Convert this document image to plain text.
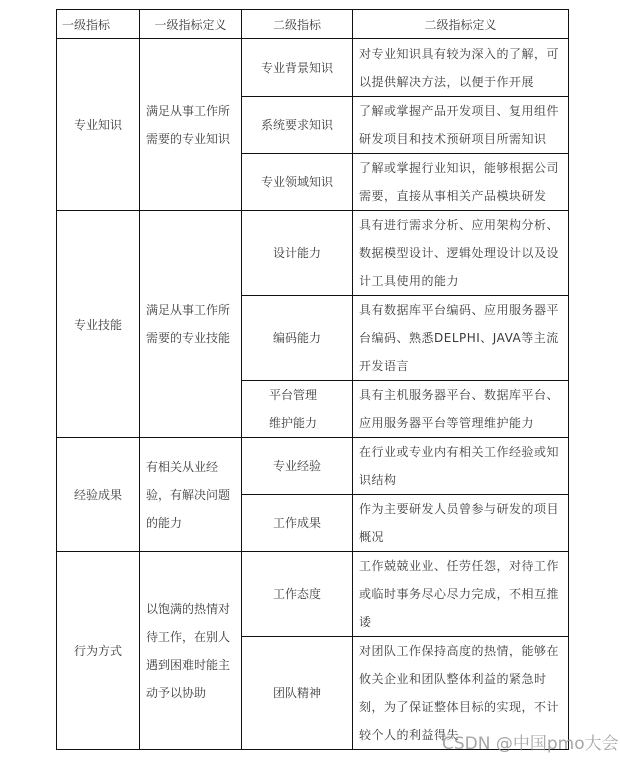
一级指标	一级指标定义	二级指标	二级指标定义
专业知识	满足从事工作所需要的专业知识	专业背景知识	对专业知识具有较为深入的了解，可以提供解决方法，以便于作开展
		系统要求知识	了解或掌握产品开发项目、复用组件研发项目和技术预研项目所需知识
		专业领域知识	了解或掌握行业知识，能够根据公司需要，直接从事相关产品模块研发
专业技能	满足从事工作所需要的专业技能	设计能力	具有进行需求分析、应用架构分析、数据模型设计、逻辑处理设计以及设计工具使用的能力
		编码能力	具有数据库平台编码、应用服务器平台编码、熟悉DELPHI、JAVA等主流开发语言

		平台管理维护能力	具有主机服务器平台、数据库平台、应用服务器平台等管理维护能力
经验成果	有相关从业经验，有解决问题的能力	专业经验	在行业或专业内有相关工作经验或知识结构
		工作成果	作为主要研发人员曾参与研发的项目概况
行为方式	以饱满的热情对待工作，在别人遇到困难时能主动予以协助	工作态度	工作兢兢业业、任劳任怨，对待工作或临时事务尽心尽力完成，不相互推诿
		团队精神	对团队工作保持高度的热情，能够在攸关企业和团队整体利益的紧急时刻，为了保证整体目标的实现，不计较个人的利益得失
CSDN @中国pmo大会
